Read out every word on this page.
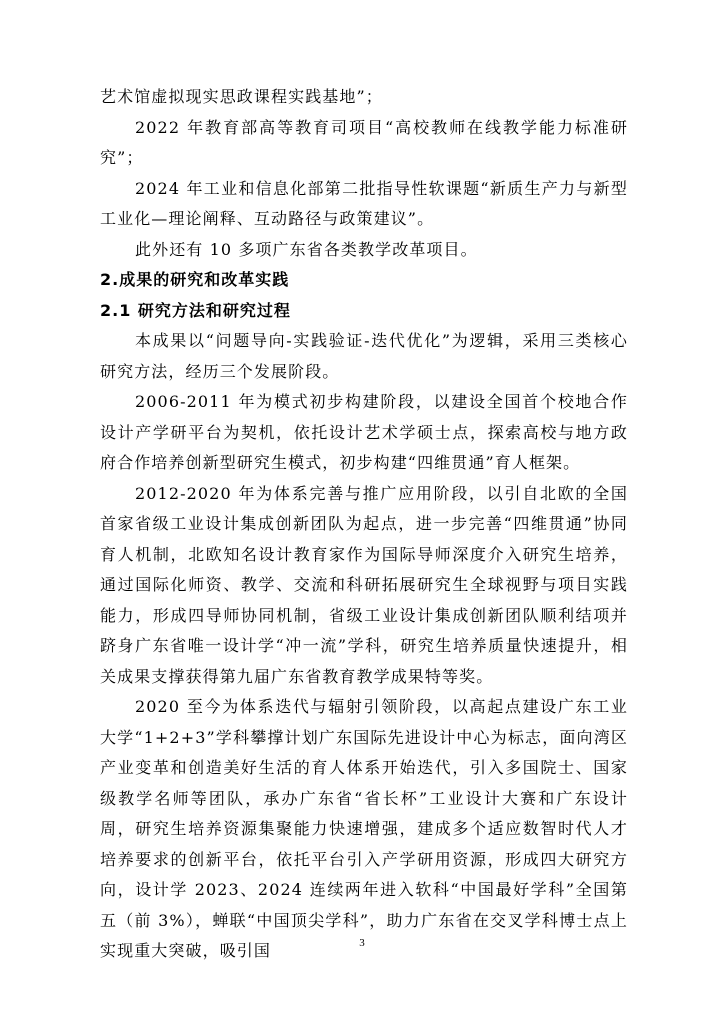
艺术馆虚拟现实思政课程实践基地”；

2022 年教育部高等教育司项目“高校教师在线教学能力标准研究”；

2024 年工业和信息化部第二批指导性软课题“新质生产力与新型工业化—理论阐释、互动路径与政策建议”。

此外还有 10 多项广东省各类教学改革项目。

2.成果的研究和改革实践
2.1 研究方法和研究过程

本成果以“问题导向-实践验证-迭代优化”为逻辑，采用三类核心研究方法，经历三个发展阶段。

2006-2011 年为模式初步构建阶段，以建设全国首个校地合作设计产学研平台为契机，依托设计艺术学硕士点，探索高校与地方政府合作培养创新型研究生模式，初步构建“四维贯通”育人框架。

2012-2020 年为体系完善与推广应用阶段，以引自北欧的全国首家省级工业设计集成创新团队为起点，进一步完善“四维贯通”协同育人机制，北欧知名设计教育家作为国际导师深度介入研究生培养，通过国际化师资、教学、交流和科研拓展研究生全球视野与项目实践能力，形成四导师协同机制，省级工业设计集成创新团队顺利结项并跻身广东省唯一设计学“冲一流”学科，研究生培养质量快速提升，相关成果支撑获得第九届广东省教育教学成果特等奖。

2020 至今为体系迭代与辐射引领阶段，以高起点建设广东工业大学“1+2+3”学科攀撑计划广东国际先进设计中心为标志，面向湾区产业变革和创造美好生活的育人体系开始迭代，引入多国院士、国家级教学名师等团队，承办广东省“省长杯”工业设计大赛和广东设计周，研究生培养资源集聚能力快速增强，建成多个适应数智时代人才培养要求的创新平台，依托平台引入产学研用资源，形成四大研究方向，设计学 2023、2024 连续两年进入软科“中国最好学科”全国第五（前 3%），蝉联“中国顶尖学科”，助力广东省在交叉学科博士点上实现重大突破，吸引国	3
